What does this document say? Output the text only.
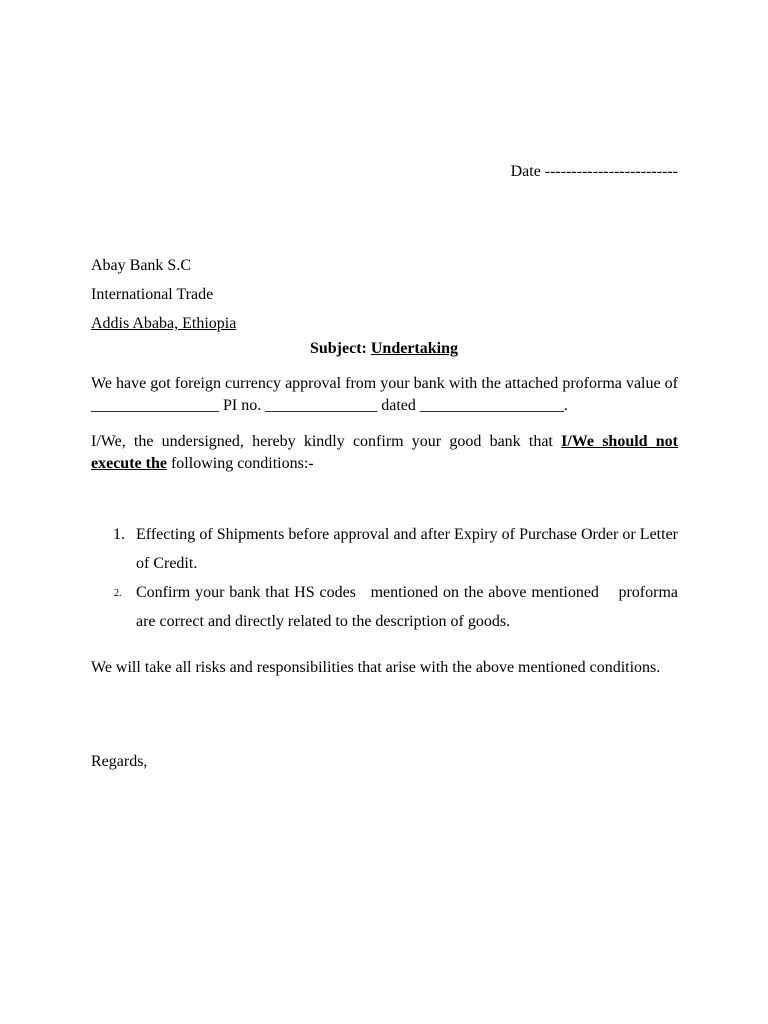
Date -------------------------
Abay Bank S.C
International Trade
Addis Ababa, Ethiopia
Subject: Undertaking
We have got foreign currency approval from your bank with the attached proforma value of ________________ PI no. ______________ dated __________________.
I/We, the undersigned, hereby kindly confirm your good bank that I/We should not execute the following conditions:-
1. Effecting of Shipments before approval and after Expiry of Purchase Order or Letter of Credit.
2. Confirm your bank that HS codes   mentioned on the above mentioned    proforma are correct and directly related to the description of goods.
We will take all risks and responsibilities that arise with the above mentioned conditions.
Regards,
